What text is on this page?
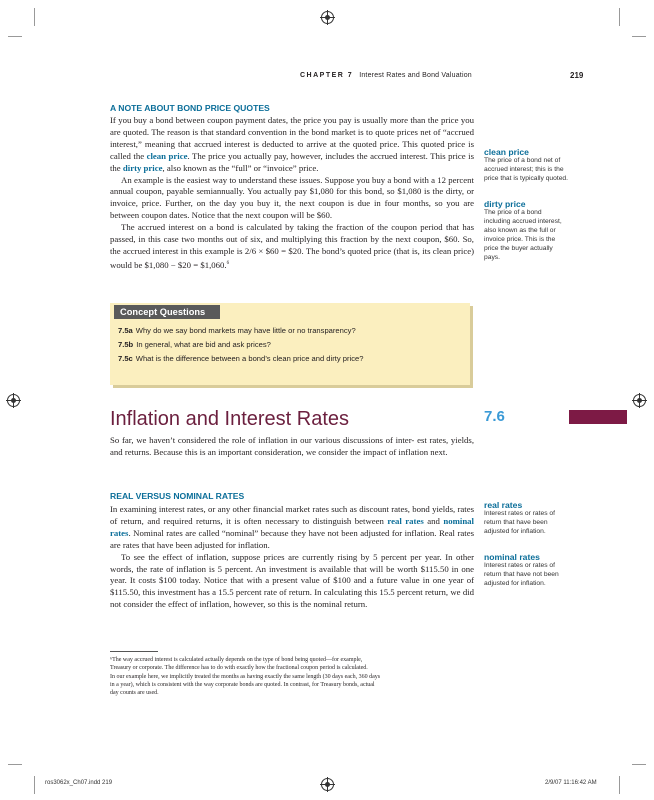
CHAPTER 7 Interest Rates and Bond Valuation	219
A NOTE ABOUT BOND PRICE QUOTES

If you buy a bond between coupon payment dates, the price you pay is usually more than the price you are quoted. The reason is that standard convention in the bond market is to quote prices net of “accrued interest,” meaning that accrued interest is deducted to arrive at the quoted price. This quoted price is called the clean price. The price you actually pay, however, includes the accrued interest. This price is the dirty price, also known as the “full” or “invoice” price.

An example is the easiest way to understand these issues. Suppose you buy a bond with a 12 percent annual coupon, payable semiannually. You actually pay $1,080 for this bond, so $1,080 is the dirty, or invoice, price. Further, on the day you buy it, the next coupon is due in four months, so you are between coupon dates. Notice that the next coupon will be $60.

The accrued interest on a bond is calculated by taking the fraction of the coupon period that has passed, in this case two months out of six, and multiplying this fraction by the next coupon, $60. So, the accrued interest in this example is 2/6 × $60 = $20. The bond’s quoted price (that is, its clean price) would be $1,080 − $20 = $1,060.$^6$

clean price
The price of a bond net of
accrued interest; this is the
price that is typically quoted.
dirty price
The price of a bond
including accrued interest,
also known as the full or
invoice price. This is the
price the buyer actually
pays.
Concept Questions
7.5a Why do we say bond markets may have little or no transparency?
7.5b In general, what are bid and ask prices?
7.5c What is the difference between a bond’s clean price and dirty price?
Inflation and Interest Rates	7.6

So far, we haven’t considered the role of inflation in our various discussions of inter- est rates, yields, and returns. Because this is an important consideration, we consider the impact of inflation next.

REAL VERSUS NOMINAL RATES

In examining interest rates, or any other financial market rates such as discount rates, bond yields, rates of return, and required returns, it is often necessary to distinguish between real rates and nominal rates. Nominal rates are called “nominal” because they have not been adjusted for inflation. Real rates are rates that have been adjusted for inflation.

To see the effect of inflation, suppose prices are currently rising by 5 percent per year. In other words, the rate of inflation is 5 percent. An investment is available that will be worth $115.50 in one year. It costs $100 today. Notice that with a present value of $100 and a future value in one year of $115.50, this investment has a 15.5 percent rate of return. In calculating this 15.5 percent return, we did not consider the effect of inflation, however, so this is the nominal return.

real rates
Interest rates or rates of
return that have been
adjusted for inflation.
nominal rates
Interest rates or rates of
return that have not been
adjusted for inflation.
⁶The way accrued interest is calculated actually depends on the type of bond being quoted—for example,
Treasury or corporate. The difference has to do with exactly how the fractional coupon period is calculated.
In our example here, we implicitly treated the months as having exactly the same length (30 days each, 360 days
in a year), which is consistent with the way corporate bonds are quoted. In contrast, for Treasury bonds, actual
day counts are used.
ros3062x_Ch07.indd 219	2/9/07 11:16:42 AM
